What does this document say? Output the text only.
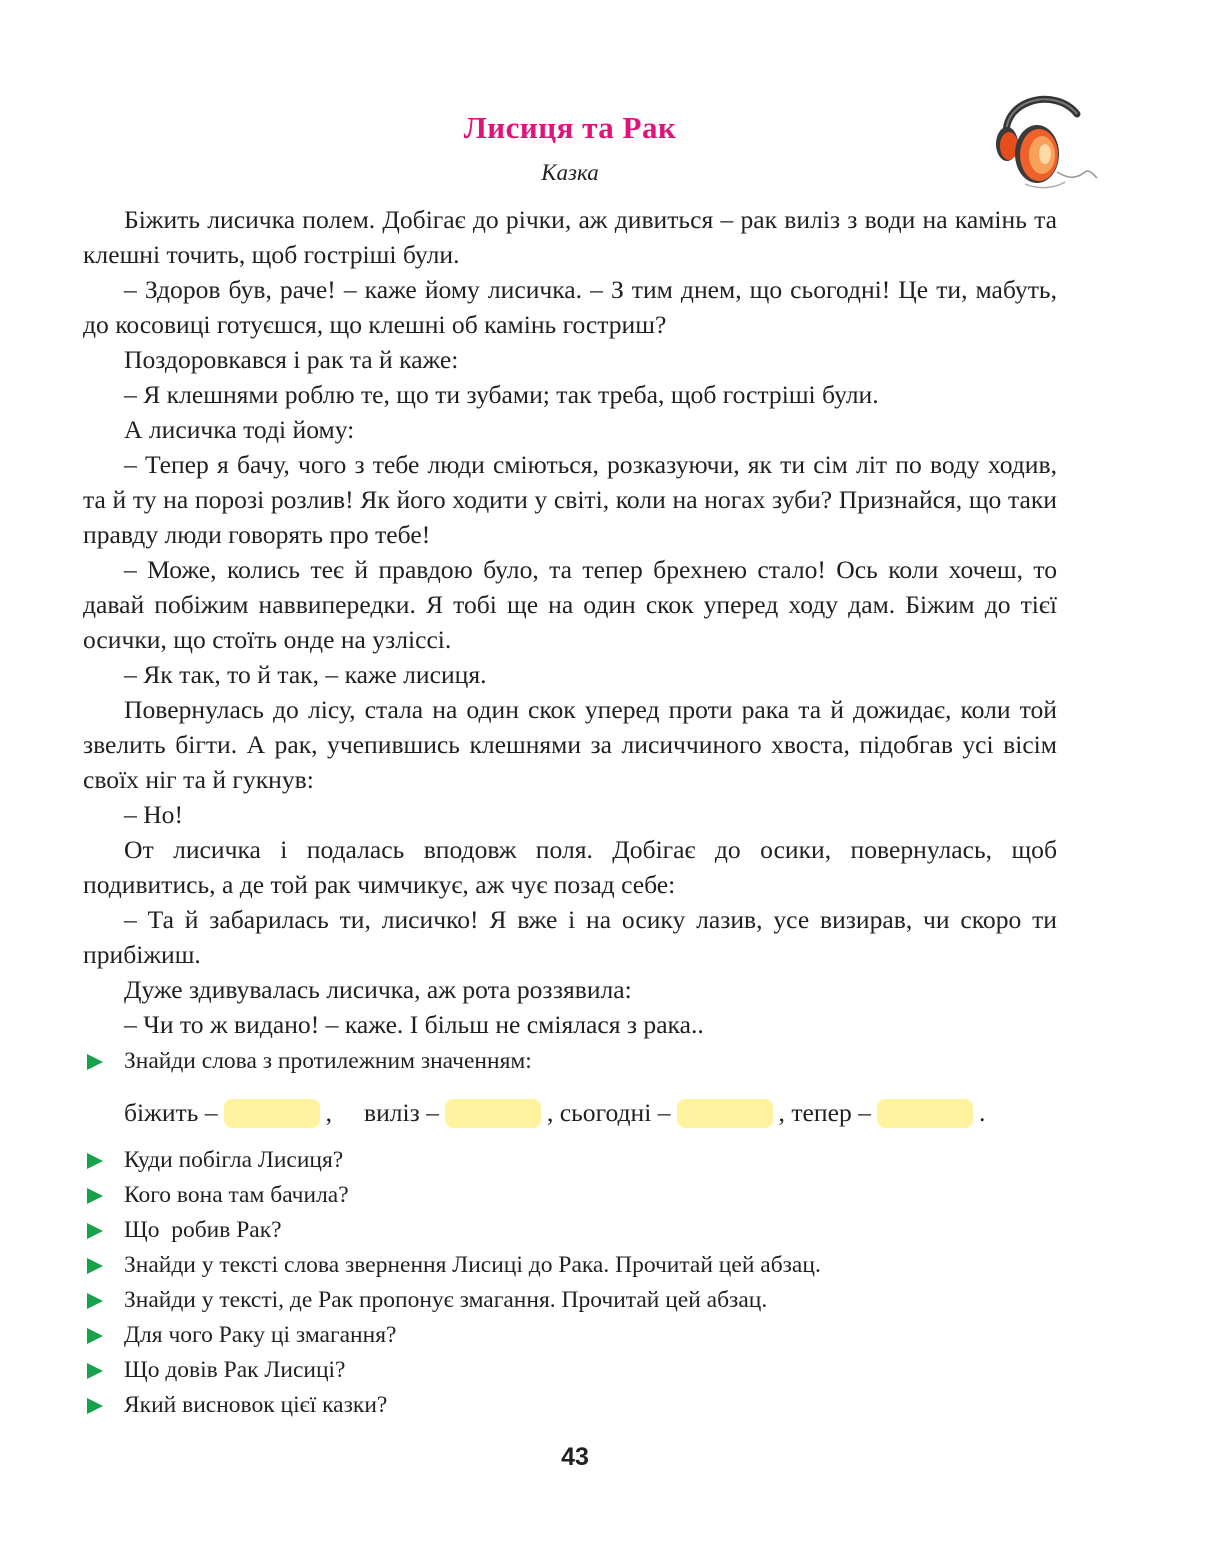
Лисиця та Рак
Казка

Біжить лисичка полем. Добігає до річки, аж дивиться – рак виліз з води на камінь та клешні точить, щоб гостріші були.

– Здоров був, раче! – каже йому лисичка. – З тим днем, що сьогодні! Це ти, мабуть, до косовиці готуєшся, що клешні об камінь гостриш?

Поздоровкався і рак та й каже:

– Я клешнями роблю те, що ти зубами; так треба, щоб гостріші були.

А лисичка тоді йому:

– Тепер я бачу, чого з тебе люди сміються, розказуючи, як ти сім літ по воду ходив, та й ту на порозі розлив! Як його ходити у світі, коли на ногах зуби? Признайся, що таки правду люди говорять про тебе!

– Може, колись теє й правдою було, та тепер брехнею стало! Ось коли хочеш, то давай побіжим наввипередки. Я тобі ще на один скок уперед ходу дам. Біжим до тієї осички, що стоїть онде на узліссі.

– Як так, то й так, – каже лисиця.

Повернулась до лісу, стала на один скок уперед проти рака та й дожидає, коли той звелить бігти. А рак, учепившись клешнями за лисиччиного хвоста, підобгав усі вісім своїх ніг та й гукнув:

– Но!

От лисичка і подалась вподовж поля. Добігає до осики, повернулась, щоб подивитись, а де той рак чимчикує, аж чує позад себе:

– Та й забарилась ти, лисичко! Я вже і на осику лазив, усе визирав, чи скоро ти прибіжиш.

Дуже здивувалась лисичка, аж рота роззявила:

– Чи то ж видано! – каже. І більш не сміялася з рака..

Знайди слова з протилежним значенням:
біжить –	, виліз –	, сьогодні –	, тепер –	.
Куди побігла Лисиця?
Кого вона там бачила?
Що  робив Рак?
Знайди у тексті слова звернення Лисиці до Рака. Прочитай цей абзац.
Знайди у тексті, де Рак пропонує змагання. Прочитай цей абзац.
Для чого Раку ці змагання?
Що довів Рак Лисиці?
Який висновок цієї казки?
43
